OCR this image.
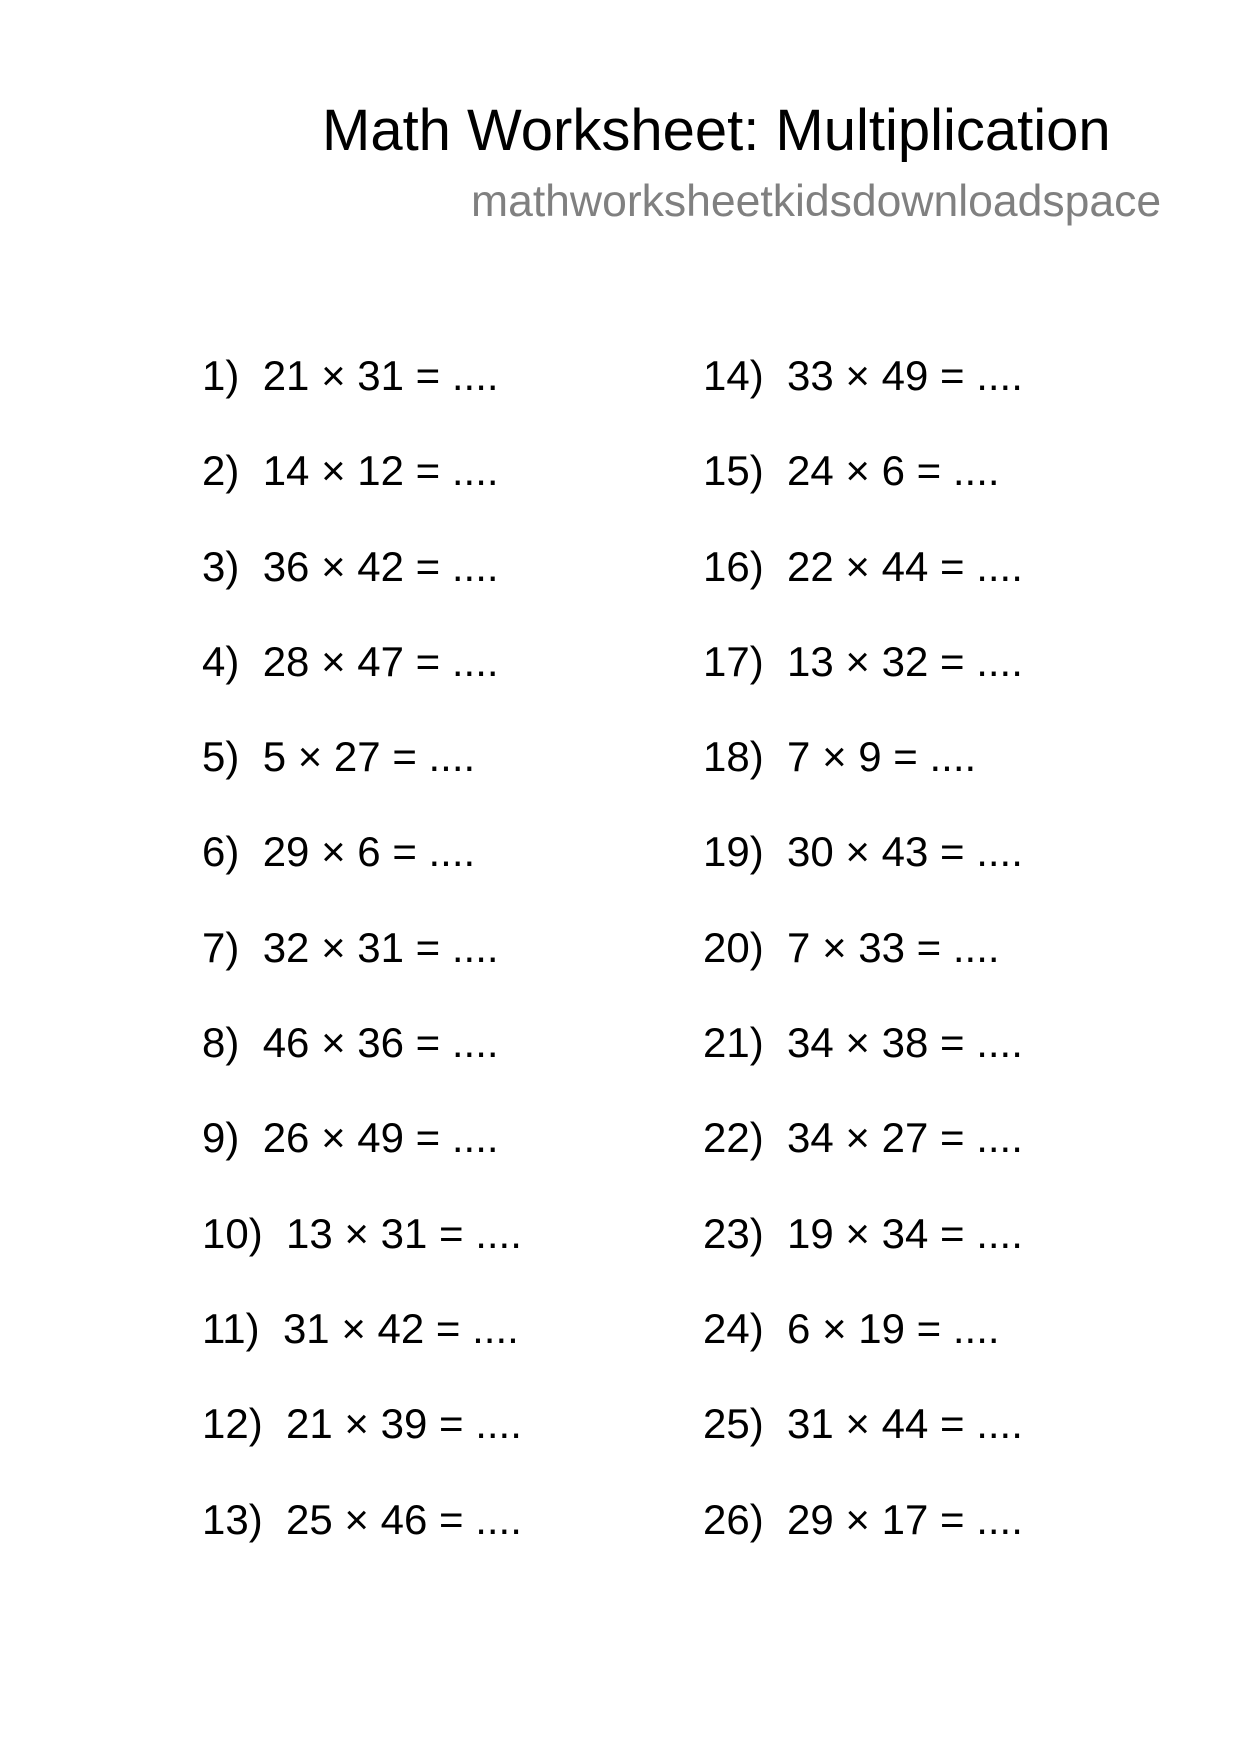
Math Worksheet: Multiplication
mathworksheetkidsdownloadspace
1) 21 × 31 = ....
2) 14 × 12 = ....
3) 36 × 42 = ....
4) 28 × 47 = ....
5) 5 × 27 = ....
6) 29 × 6 = ....
7) 32 × 31 = ....
8) 46 × 36 = ....
9) 26 × 49 = ....
10) 13 × 31 = ....
11) 31 × 42 = ....
12) 21 × 39 = ....
13) 25 × 46 = ....
14) 33 × 49 = ....
15) 24 × 6 = ....
16) 22 × 44 = ....
17) 13 × 32 = ....
18) 7 × 9 = ....
19) 30 × 43 = ....
20) 7 × 33 = ....
21) 34 × 38 = ....
22) 34 × 27 = ....
23) 19 × 34 = ....
24) 6 × 19 = ....
25) 31 × 44 = ....
26) 29 × 17 = ....
